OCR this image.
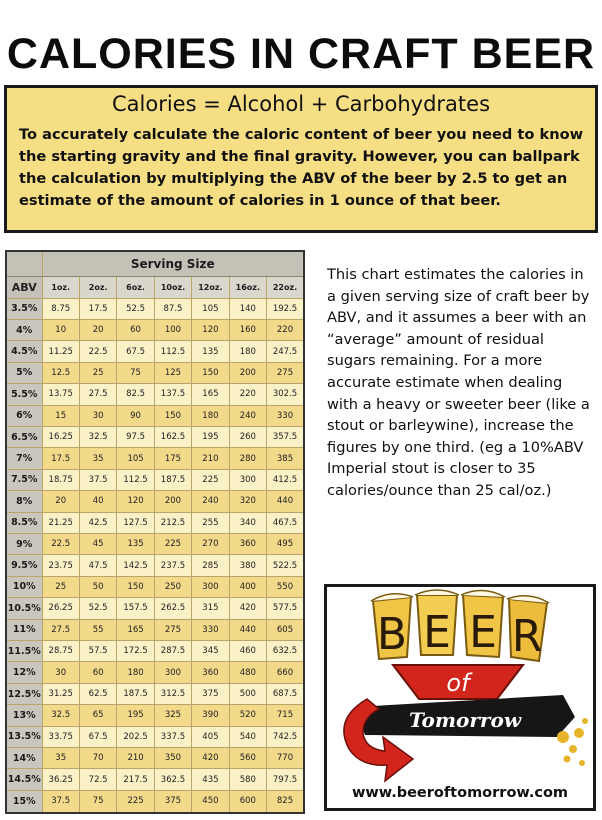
CALORIES IN CRAFT BEER
Calories = Alcohol + Carbohydrates
To accurately calculate the caloric content of beer you need to know the starting gravity and the final gravity. However, you can ballpark the calculation by multiplying the ABV of the beer by 2.5 to get an estimate of the amount of calories in 1 ounce of that beer.
	Serving Size						
ABV	1oz.	2oz.	6oz.	10oz.	12oz.	16oz.	22oz.
3.5%	8.75	17.5	52.5	87.5	105	140	192.5
4%	10	20	60	100	120	160	220
4.5%	11.25	22.5	67.5	112.5	135	180	247.5
5%	12.5	25	75	125	150	200	275
5.5%	13.75	27.5	82.5	137.5	165	220	302.5
6%	15	30	90	150	180	240	330
6.5%	16.25	32.5	97.5	162.5	195	260	357.5
7%	17.5	35	105	175	210	280	385
7.5%	18.75	37.5	112.5	187.5	225	300	412.5
8%	20	40	120	200	240	320	440
8.5%	21.25	42.5	127.5	212.5	255	340	467.5
9%	22.5	45	135	225	270	360	495
9.5%	23.75	47.5	142.5	237.5	285	380	522.5
10%	25	50	150	250	300	400	550
10.5%	26.25	52.5	157.5	262.5	315	420	577.5
11%	27.5	55	165	275	330	440	605
11.5%	28.75	57.5	172.5	287.5	345	460	632.5
12%	30	60	180	300	360	480	660
12.5%	31.25	62.5	187.5	312.5	375	500	687.5
13%	32.5	65	195	325	390	520	715
13.5%	33.75	67.5	202.5	337.5	405	540	742.5
14%	35	70	210	350	420	560	770
14.5%	36.25	72.5	217.5	362.5	435	580	797.5
15%	37.5	75	225	375	450	600	825
This chart estimates the calories in a given serving size of craft beer by ABV, and it assumes a beer with an “average” amount of residual sugars remaining. For a more accurate estimate when dealing with a heavy or sweeter beer (like a stout or barleywine), increase the figures by one third. (eg a 10%ABV Imperial stout is closer to 35 calories/ounce than 25 cal/oz.)
B E E R
of
Tomorrow
www.beeroftomorrow.com
